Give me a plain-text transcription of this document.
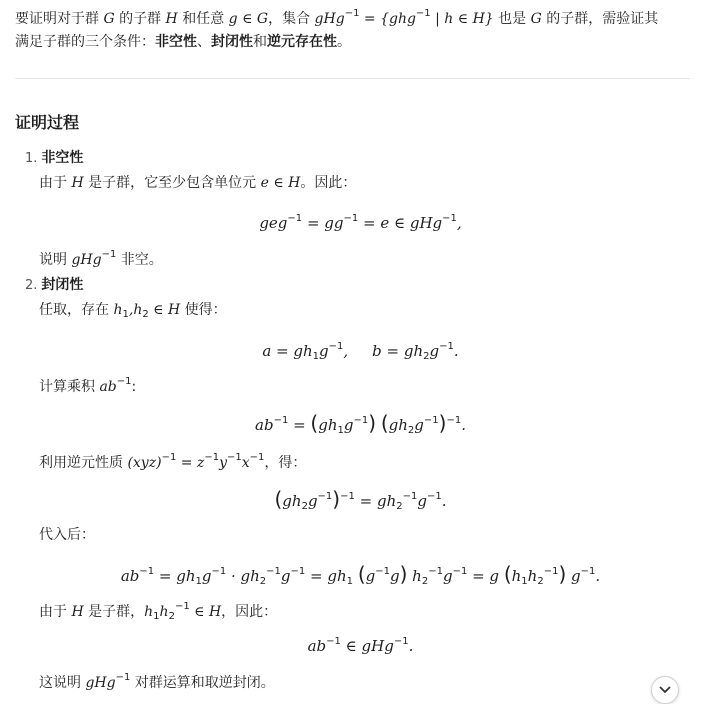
要证明对于群 G 的子群 H 和任意 g ∈ G，集合 gHg$^{-1}$ = {ghg$^{-1}$ | h ∈ H} 也是 G 的子群，需验证其

满足子群的三个条件：非空性、封闭性和逆元存在性。

证明过程
1. 非空性
由于 H 是子群，它至少包含单位元 e ∈ H。因此：
$geg^{-1} = gg^{-1} = e$ ∈ gHg$^{-1}$,
说明 gHg$^{-1}$ 非空。
2. 封闭性
任取，存在 $h_1,h_2$ ∈ H 使得：
$a = gh_1g^{-1}$, $b = gh_2g^{-1}$.
计算乘积 $ab^{-1}$:
$ab^{-1} = (gh_1g^{-1})$ $(gh_2g^{-1})^{-1}$.
利用逆元性质 $(xyz)^{-1} = z^{-1}y^{-1}x^{-1}$，得：
$(gh_2g^{-1})^{-1} = gh_2^{-1}g^{-1}$.
代入后：
$ab^{-1} = gh_1g^{-1} \cdot gh_2^{-1}g^{-1} = gh_1$ $(g^{-1}g) h_2^{-1}g^{-1} = g$ $(h_1h_2^{-1})$ $g^{-1}$.
由于 H 是子群，$h_1h_2^{-1}$ ∈ H，因此：
$ab^{-1}$ ∈ gHg$^{-1}$.
这说明 gHg$^{-1}$ 对群运算和取逆封闭。
